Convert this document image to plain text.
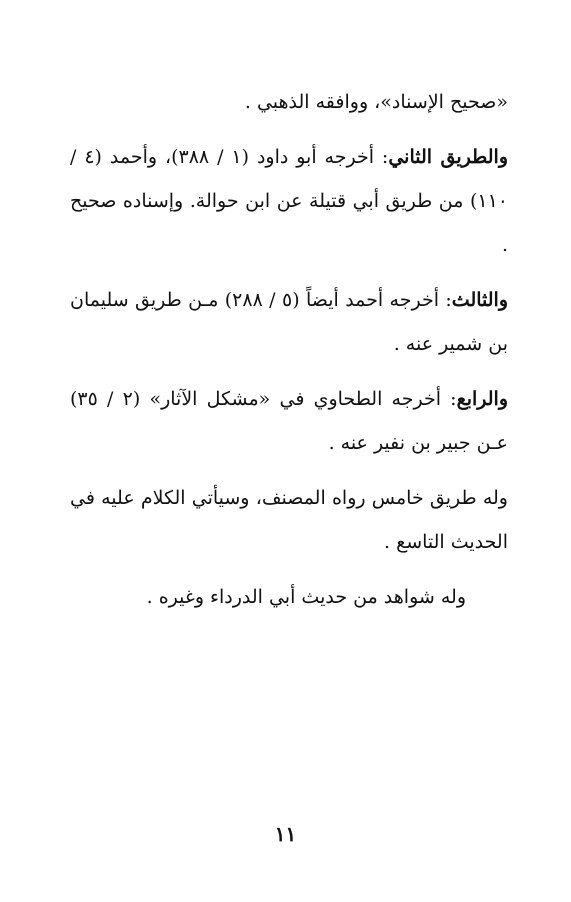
«صحيح الإسناد»، ووافقه الذهبي .

والطريق الثاني: أخرجه أبو داود (١ / ٣٨٨)، وأحمد (٤ / ١١٠) من طريق أبي قتيلة عن ابن حوالة. وإسناده صحيح .

والثالث: أخرجه أحمد أيضاً (٥ / ٢٨٨) مـن طريق سليمان بن شمير عنه .

والرابع: أخرجه الطحاوي في «مشكل الآثار» (٢ / ٣٥) عـن جبير بن نفير عنه .

وله طريق خامس رواه المصنف، وسيأتي الكلام عليه في الحديث التاسع .

وله شواهد من حديث أبي الدرداء وغيره .

١١
